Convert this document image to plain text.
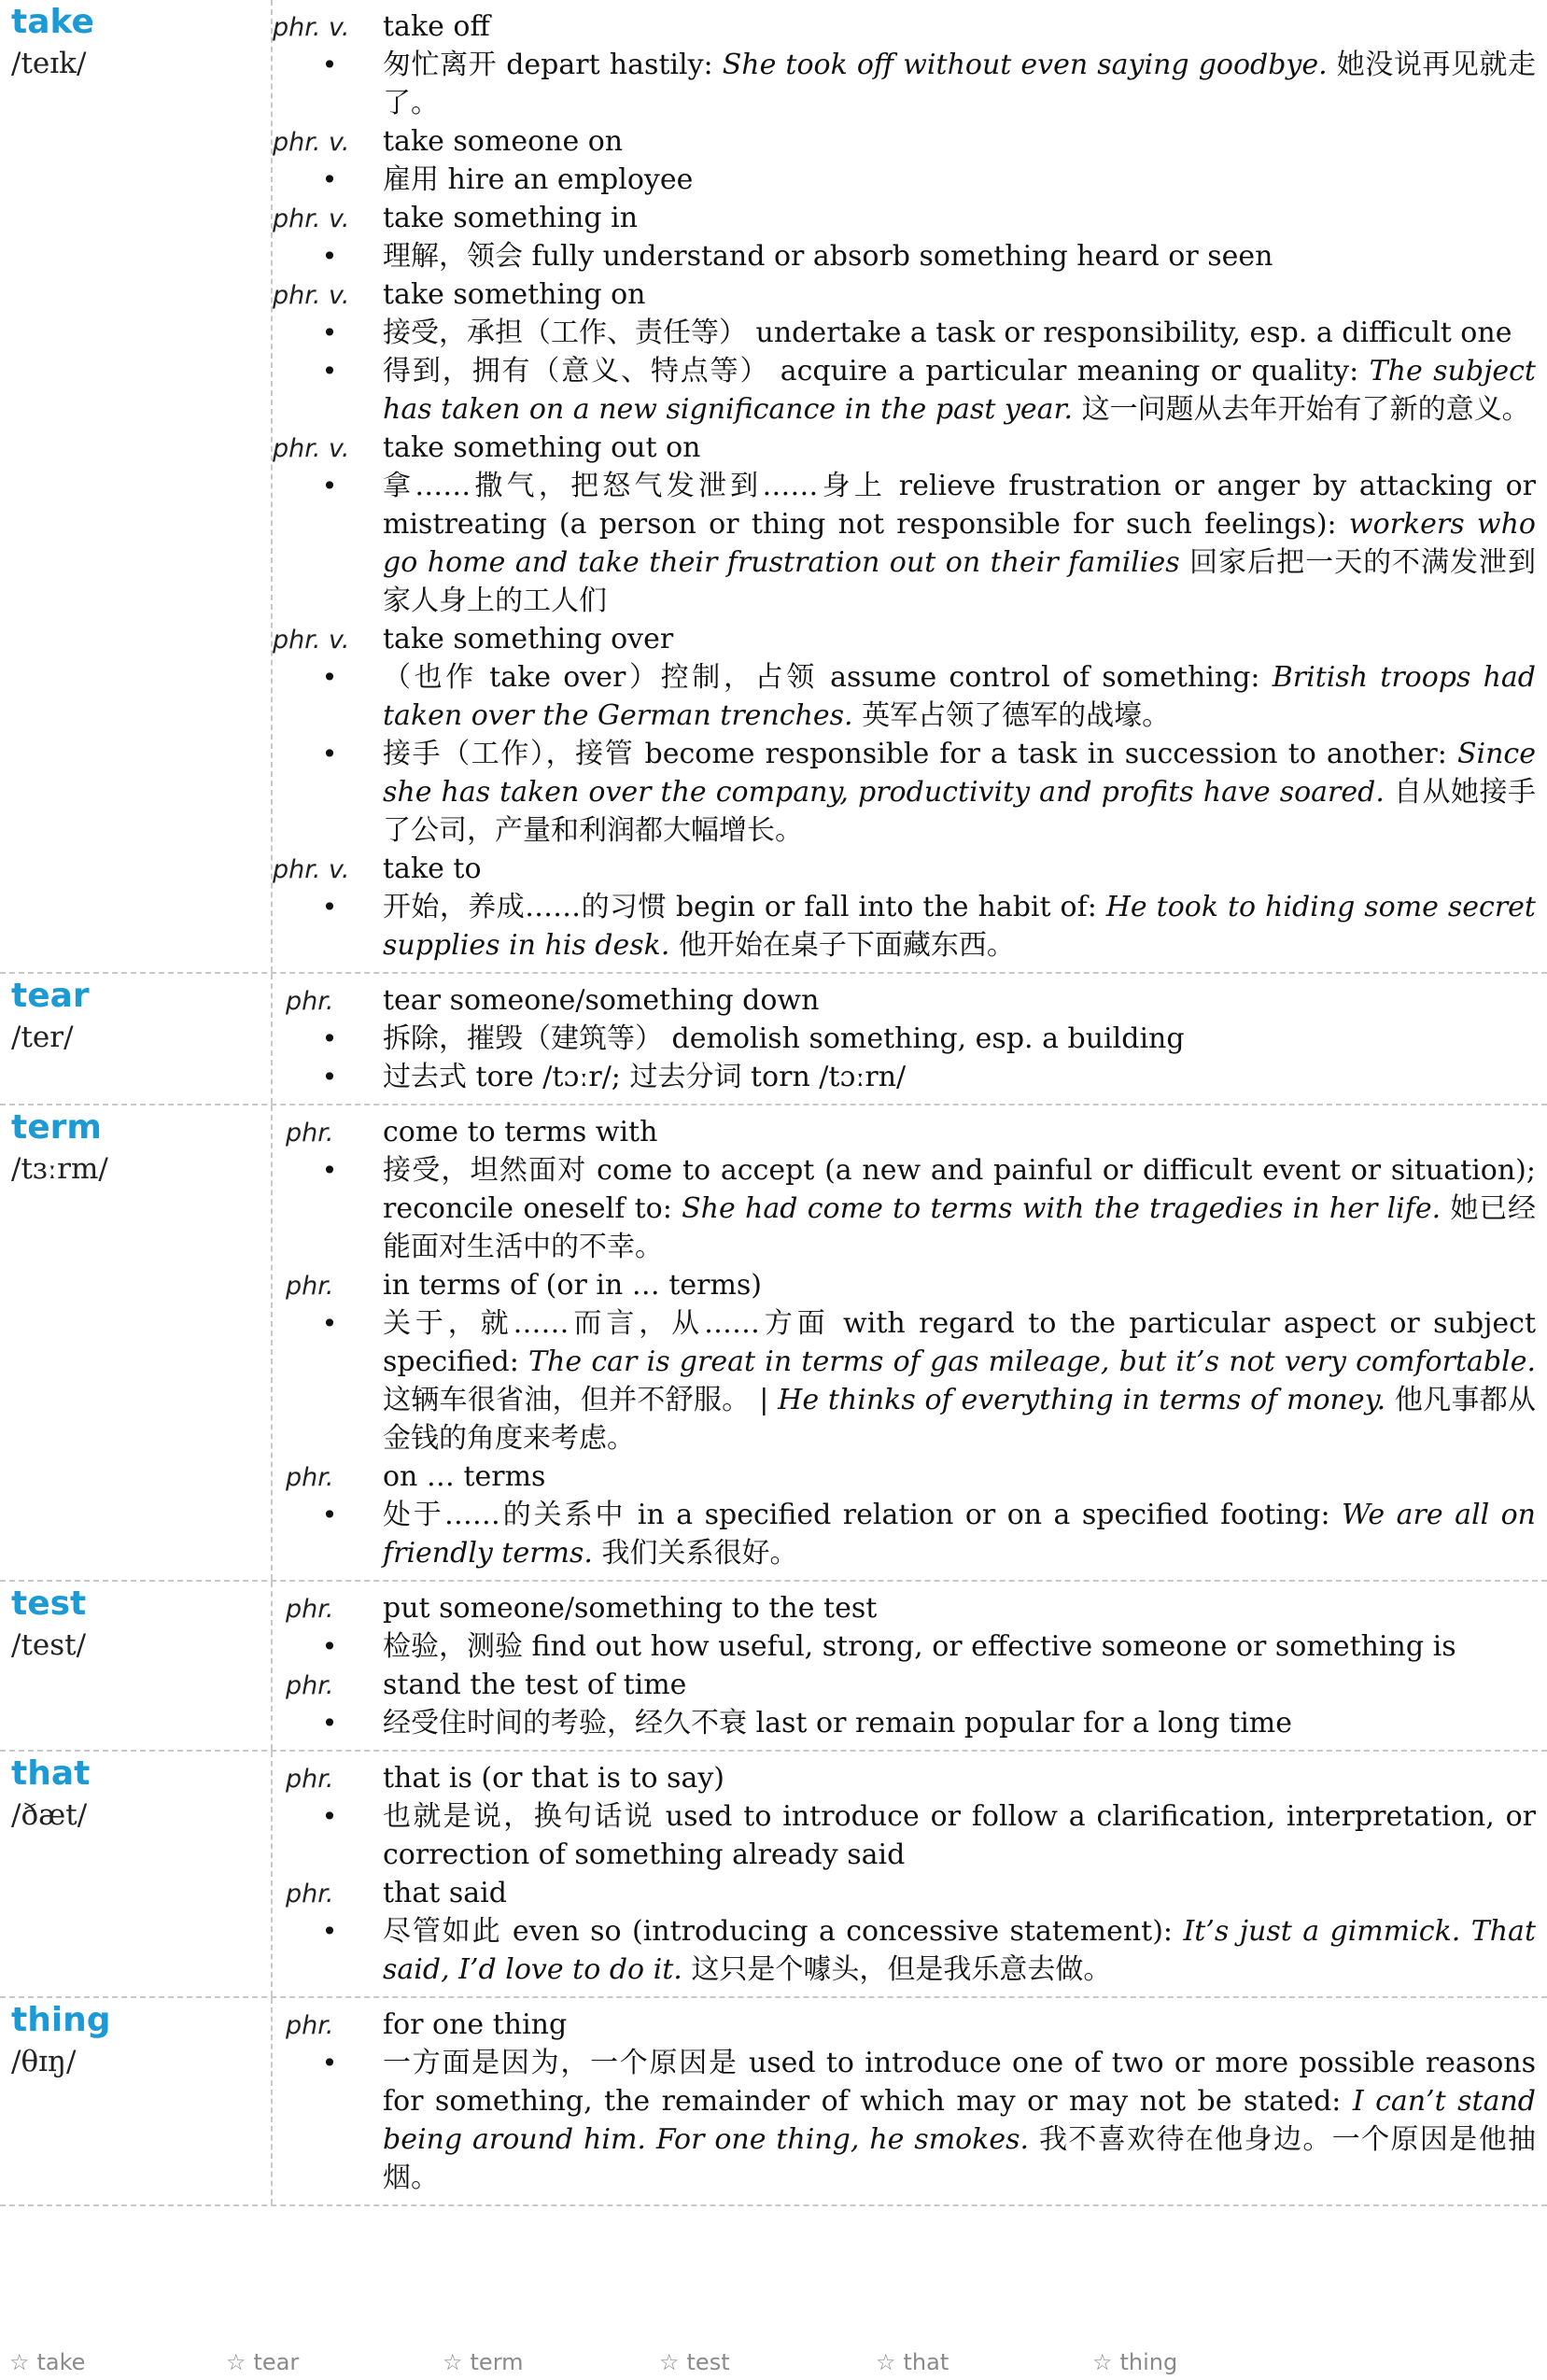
take
/teɪk/
phr. v.	take off
•	匆忙离开 depart hastily: She took off without even saying goodbye. 她没说再见就走了。
phr. v.	take someone on
•	雇用 hire an employee
phr. v.	take something in
•	理解，领会 fully understand or absorb something heard or seen
phr. v.	take something on
•	接受，承担（工作、责任等） undertake a task or responsibility, esp. a difficult one
•	得到，拥有（意义、特点等） acquire a particular meaning or quality: The subject has taken on a new significance in the past year. 这一问题从去年开始有了新的意义。
phr. v.	take something out on
•	拿……撒气，把怒气发泄到……身上 relieve frustration or anger by attacking or mistreating (a person or thing not responsible for such feelings): workers who go home and take their frustration out on their families 回家后把一天的不满发泄到家人身上的工人们
phr. v.	take something over
•	（也作 take over）控制，占领 assume control of something: British troops had taken over the German trenches. 英军占领了德军的战壕。
•	接手（工作），接管 become responsible for a task in succession to another: Since she has taken over the company, productivity and profits have soared. 自从她接手了公司，产量和利润都大幅增长。
phr. v.	take to
•	开始，养成……的习惯 begin or fall into the habit of: He took to hiding some secret supplies in his desk. 他开始在桌子下面藏东西。
tear
/ter/
phr.	tear someone/something down
•	拆除，摧毁（建筑等） demolish something, esp. a building
•	过去式 tore /tɔːr/; 过去分词 torn /tɔːrn/
term
/tɜːrm/
phr.	come to terms with
•	接受，坦然面对 come to accept (a new and painful or difficult event or situation); reconcile oneself to: She had come to terms with the tragedies in her life. 她已经能面对生活中的不幸。
phr.	in terms of (or in … terms)
•	关于，就……而言，从……方面 with regard to the particular aspect or subject specified: The car is great in terms of gas mileage, but it’s not very comfortable. 这辆车很省油，但并不舒服。 | He thinks of everything in terms of money. 他凡事都从金钱的角度来考虑。
phr.	on … terms
•	处于……的关系中 in a specified relation or on a specified footing: We are all on friendly terms. 我们关系很好。
test
/test/
phr.	put someone/something to the test
•	检验，测验 find out how useful, strong, or effective someone or something is
phr.	stand the test of time
•	经受住时间的考验，经久不衰 last or remain popular for a long time
that
/ðæt/
phr.	that is (or that is to say)
•	也就是说，换句话说 used to introduce or follow a clarification, interpretation, or correction of something already said
phr.	that said
•	尽管如此 even so (introducing a concessive statement): It’s just a gimmick. That said, I’d love to do it. 这只是个噱头，但是我乐意去做。
thing
/θɪŋ/
phr.	for one thing
•	一方面是因为，一个原因是 used to introduce one of two or more possible reasons for something, the remainder of which may or may not be stated: I can’t stand being around him. For one thing, he smokes. 我不喜欢待在他身边。一个原因是他抽烟。
☆ take	☆ tear	☆ term	☆ test	☆ that	☆ thing
